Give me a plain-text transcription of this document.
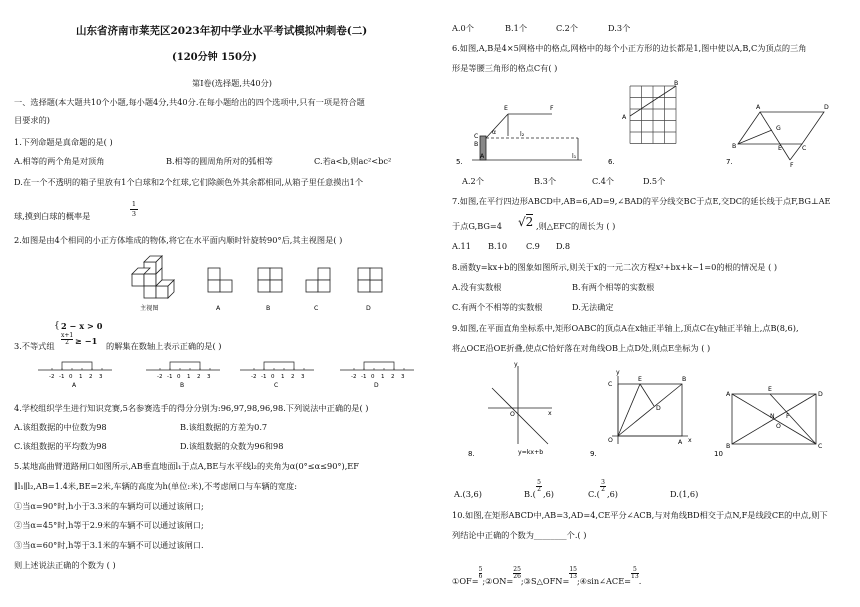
山东省济南市莱芜区2023年初中学业水平考试模拟冲刺卷(二)
(120分钟 150分)
第Ⅰ卷(选择题,共40分)
一、选择题(本大题共10个小题,每小题4分,共40分.在每小题给出的四个选项中,只有一项是符合题
目要求的)
1.下列命题是真命题的是( )
A.相等的两个角是对顶角	B.相等的圆周角所对的弧相等	C.若a<b,则ac²<bc²
D.在一个不透明的箱子里放有1个白球和2个红球,它们除颜色外其余都相同,从箱子里任意摸出1个
球,摸到白球的概率是
1
3
2.如图是由4个相同的小正方体堆成的物体,将它在水平面内顺时针旋转90°后,其主视图是( )
主视图	A	B	C	D
3.不等式组
{ 2 − x > 0
x+1
2 ≥ −1 的解集在数轴上表示正确的是( )
-2 -1 0 1 2 3
A
-2 -1 0 1 2 3
B
-2 -1 0 1 2 3
C
-2 -1 0 1 2 3
D
4.学校组织学生进行知识竞赛,5名参赛选手的得分分别为:96,97,98,96,98.下列说法中正确的是( )
A.该组数据的中位数为98	B.该组数据的方差为0.7
C.该组数据的平均数为98	D.该组数据的众数为96和98
5.某地高曲臂道路闸口如图所示,AB垂直地面l₁于点A,BE与水平线l₂的夹角为α(0°≤α≤90°),EF
∥l₁∥l₂,AB=1.4米,BE=2米,车辆的高度为h(单位:米),不考虑闸口与车辆的宽度:
①当α=90°时,h小于3.3米的车辆均可以通过该闸口;
②当α=45°时,h等于2.9米的车辆不可以通过该闸口;
③当α=60°时,h等于3.1米的车辆不可以通过该闸口.
则上述说法正确的个数为 ( )
A.0个	B.1个	C.2个	D.3个
6.如图,A,B是4×5网格中的格点,网格中的每个小正方形的边长都是1,图中使以A,B,C为顶点的三角
形是等腰三角形的格点C有( )
5.
E	F
C
B
α	l₂
l₁
A
6.
A
B
7.
A	D
B	C
G
E
F
A.2个	B.3个	C.4个	D.5个
7.如图,在平行四边形ABCD中,AB=6,AD=9,∠BAD的平分线交BC于点E,交DC的延长线于点F,BG⊥AE
于点G,BG=4 √2 ,则△EFC的周长为 ( )
A.11 B.10 C.9 D.8
8.函数y=kx+b的图象如图所示,则关于x的一元二次方程x²+bx+k−1=0的根的情况是 ( )
A.没有实数根	B.有两个相等的实数根
C.有两个不相等的实数根	D.无法确定
9.如图,在平面直角坐标系中,矩形OABC的顶点A在x轴正半轴上,顶点C在y轴正半轴上,点B(8,6),
将△OCE沿OE折叠,使点C恰好落在对角线OB上点D处,则点E坐标为 ( )
8.
x
y
O
y=kx+b	9.
C
E	B
D
O	A x
y
10
A	D
B	C
E
N
O
F
A.(3,6)	B.(
5
2 ,6)	C.(
3
2 ,6)	D.(1,6)
10.如图,在矩形ABCD中,AB=3,AD=4,CE平分∠ACB,与对角线BD相交于点N,F是线段CE的中点,则下
列结论中正确的个数为________个.( )
①OF=
$\frac{5}{6}$
;②ON=
$\frac{25}{26}$
;③S△OFN=
$\frac{15}{13}$
;④sin∠ACE=
$\frac{5}{13}$
.
